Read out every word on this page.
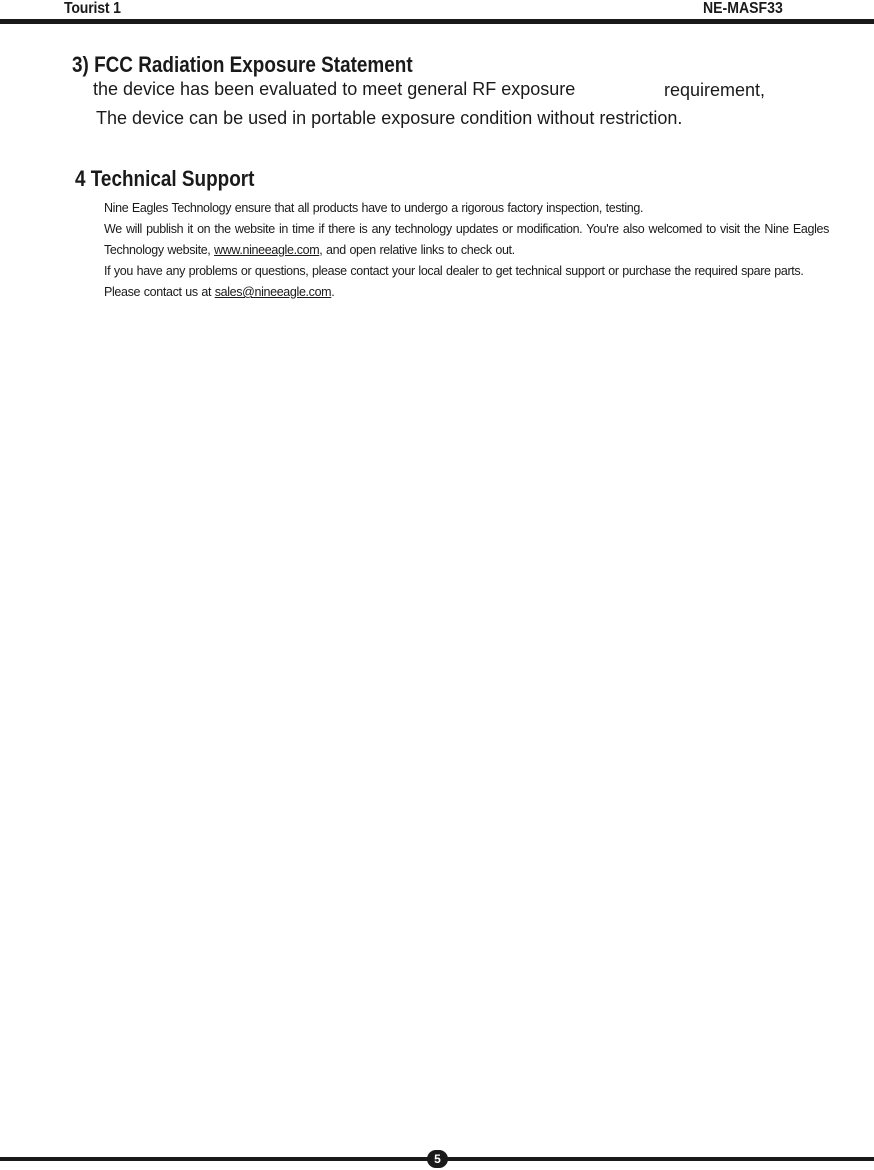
Tourist 1	NE-MASF33
3) FCC Radiation Exposure Statement
the device has been evaluated to meet general RF exposure	requirement,
The device can be used in portable exposure condition without restriction.
4 Technical Support

Nine Eagles Technology ensure that all products have to undergo a rigorous factory inspection, testing.

We will publish it on the website in time if there is any technology updates or modification. You're also welcomed to visit the Nine Eagles Technology website, www.nineeagle.com, and open relative links to check out.

If you have any problems or questions, please contact your local dealer to get technical support or purchase the required spare parts.

Please contact us at sales@nineeagle.com.

5
